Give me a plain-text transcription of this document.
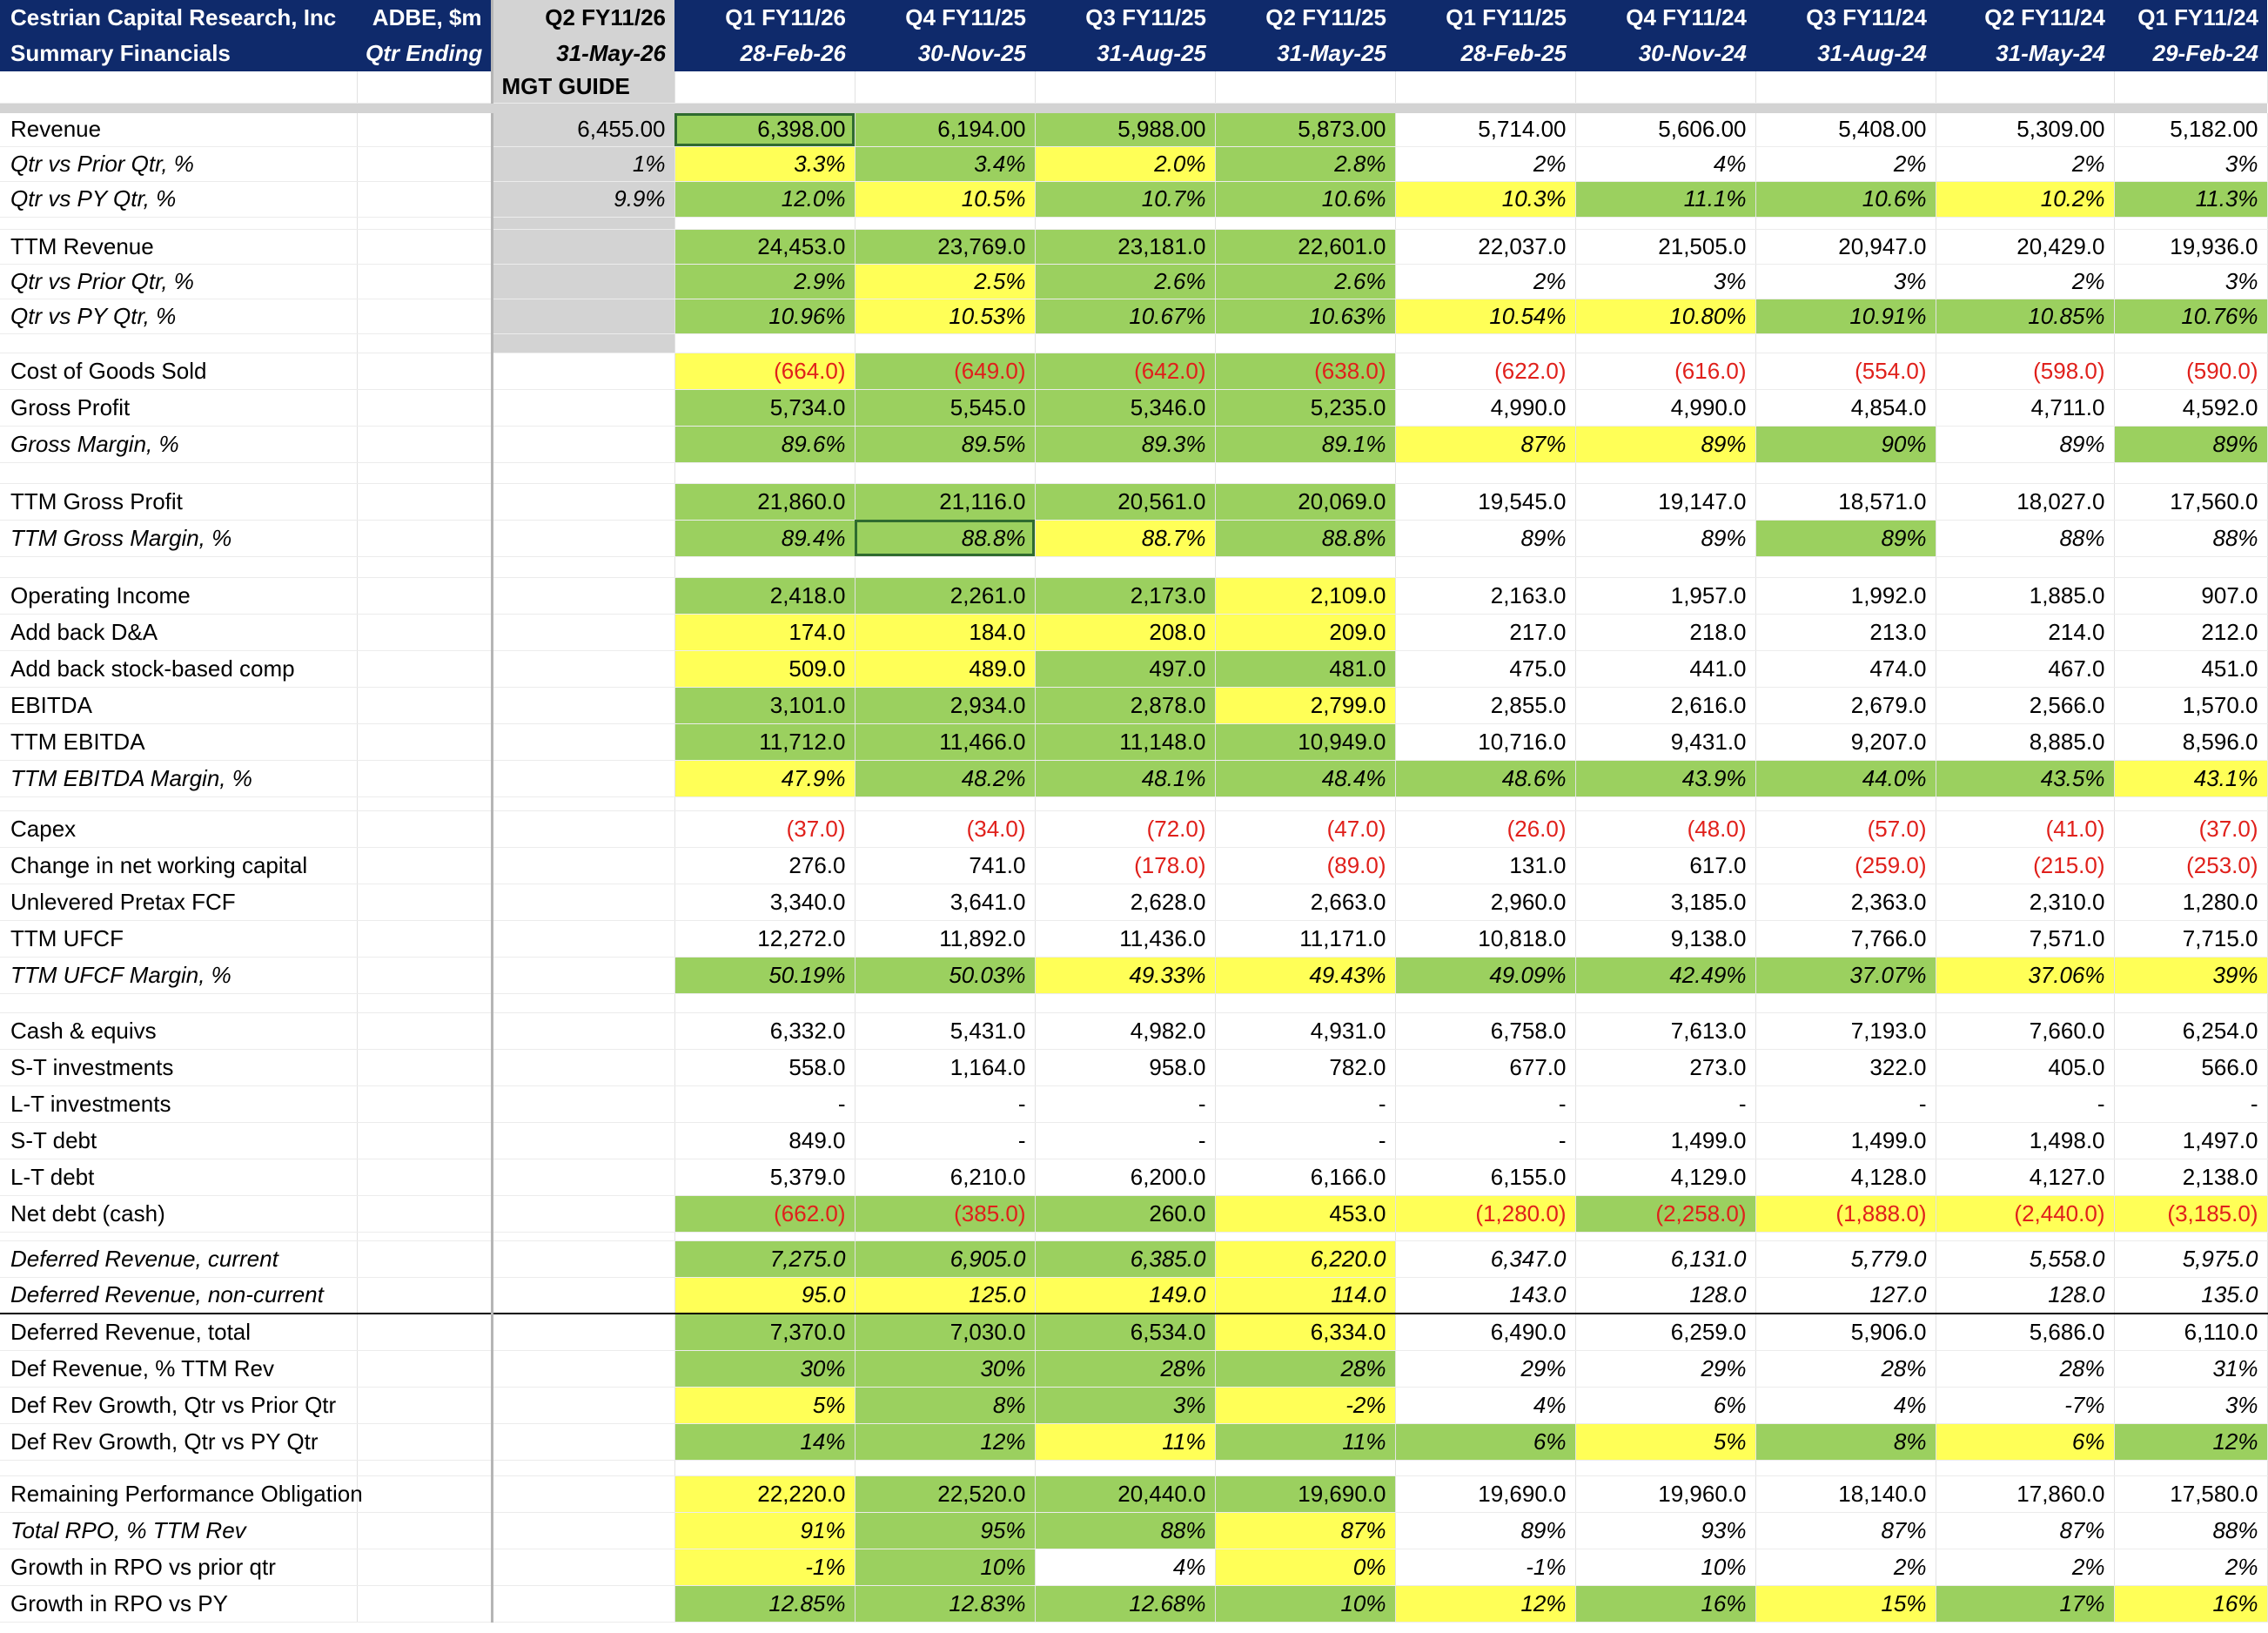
Cestrian Capital Research, Inc	ADBE, $m	Q2 FY11/26	Q1 FY11/26	Q4 FY11/25	Q3 FY11/25	Q2 FY11/25	Q1 FY11/25	Q4 FY11/24	Q3 FY11/24	Q2 FY11/24	Q1 FY11/24
Summary Financials	Qtr Ending	31-May-26	28-Feb-26	30-Nov-25	31-Aug-25	31-May-25	28-Feb-25	30-Nov-24	31-Aug-24	31-May-24	29-Feb-24
		MGT GUIDE									

Revenue		6,455.00	6,398.00	6,194.00	5,988.00	5,873.00	5,714.00	5,606.00	5,408.00	5,309.00	5,182.00
Qtr vs Prior Qtr, %		1%	3.3%	3.4%	2.0%	2.8%	2%	4%	2%	2%	3%
Qtr vs PY Qtr, %		9.9%	12.0%	10.5%	10.7%	10.6%	10.3%	11.1%	10.6%	10.2%	11.3%

TTM Revenue			24,453.0	23,769.0	23,181.0	22,601.0	22,037.0	21,505.0	20,947.0	20,429.0	19,936.0
Qtr vs Prior Qtr, %			2.9%	2.5%	2.6%	2.6%	2%	3%	3%	2%	3%
Qtr vs PY Qtr, %			10.96%	10.53%	10.67%	10.63%	10.54%	10.80%	10.91%	10.85%	10.76%

Cost of Goods Sold			(664.0)	(649.0)	(642.0)	(638.0)	(622.0)	(616.0)	(554.0)	(598.0)	(590.0)
Gross Profit			5,734.0	5,545.0	5,346.0	5,235.0	4,990.0	4,990.0	4,854.0	4,711.0	4,592.0
Gross Margin, %			89.6%	89.5%	89.3%	89.1%	87%	89%	90%	89%	89%

TTM Gross Profit			21,860.0	21,116.0	20,561.0	20,069.0	19,545.0	19,147.0	18,571.0	18,027.0	17,560.0
TTM Gross Margin, %			89.4%	88.8%	88.7%	88.8%	89%	89%	89%	88%	88%

Operating Income			2,418.0	2,261.0	2,173.0	2,109.0	2,163.0	1,957.0	1,992.0	1,885.0	907.0
Add back D&A			174.0	184.0	208.0	209.0	217.0	218.0	213.0	214.0	212.0
Add back stock-based comp			509.0	489.0	497.0	481.0	475.0	441.0	474.0	467.0	451.0
EBITDA			3,101.0	2,934.0	2,878.0	2,799.0	2,855.0	2,616.0	2,679.0	2,566.0	1,570.0
TTM EBITDA			11,712.0	11,466.0	11,148.0	10,949.0	10,716.0	9,431.0	9,207.0	8,885.0	8,596.0
TTM EBITDA Margin, %			47.9%	48.2%	48.1%	48.4%	48.6%	43.9%	44.0%	43.5%	43.1%

Capex			(37.0)	(34.0)	(72.0)	(47.0)	(26.0)	(48.0)	(57.0)	(41.0)	(37.0)
Change in net working capital			276.0	741.0	(178.0)	(89.0)	131.0	617.0	(259.0)	(215.0)	(253.0)
Unlevered Pretax FCF			3,340.0	3,641.0	2,628.0	2,663.0	2,960.0	3,185.0	2,363.0	2,310.0	1,280.0
TTM UFCF			12,272.0	11,892.0	11,436.0	11,171.0	10,818.0	9,138.0	7,766.0	7,571.0	7,715.0
TTM UFCF Margin, %			50.19%	50.03%	49.33%	49.43%	49.09%	42.49%	37.07%	37.06%	39%

Cash & equivs			6,332.0	5,431.0	4,982.0	4,931.0	6,758.0	7,613.0	7,193.0	7,660.0	6,254.0
S-T investments			558.0	1,164.0	958.0	782.0	677.0	273.0	322.0	405.0	566.0
L-T investments			-	-	-	-	-	-	-	-	-
S-T debt			849.0	-	-	-	-	1,499.0	1,499.0	1,498.0	1,497.0
L-T debt			5,379.0	6,210.0	6,200.0	6,166.0	6,155.0	4,129.0	4,128.0	4,127.0	2,138.0
Net debt (cash)			(662.0)	(385.0)	260.0	453.0	(1,280.0)	(2,258.0)	(1,888.0)	(2,440.0)	(3,185.0)

Deferred Revenue, current			7,275.0	6,905.0	6,385.0	6,220.0	6,347.0	6,131.0	5,779.0	5,558.0	5,975.0
Deferred Revenue, non-current			95.0	125.0	149.0	114.0	143.0	128.0	127.0	128.0	135.0
Deferred Revenue, total			7,370.0	7,030.0	6,534.0	6,334.0	6,490.0	6,259.0	5,906.0	5,686.0	6,110.0
Def Revenue, % TTM Rev			30%	30%	28%	28%	29%	29%	28%	28%	31%
Def Rev Growth, Qtr vs Prior Qtr			5%	8%	3%	-2%	4%	6%	4%	-7%	3%
Def Rev Growth, Qtr vs PY Qtr			14%	12%	11%	11%	6%	5%	8%	6%	12%

Remaining Performance Obligation			22,220.0	22,520.0	20,440.0	19,690.0	19,690.0	19,960.0	18,140.0	17,860.0	17,580.0
Total RPO, % TTM Rev			91%	95%	88%	87%	89%	93%	87%	87%	88%
Growth in RPO vs prior qtr			-1%	10%	4%	0%	-1%	10%	2%	2%	2%
Growth in RPO vs PY			12.85%	12.83%	12.68%	10%	12%	16%	15%	17%	16%
